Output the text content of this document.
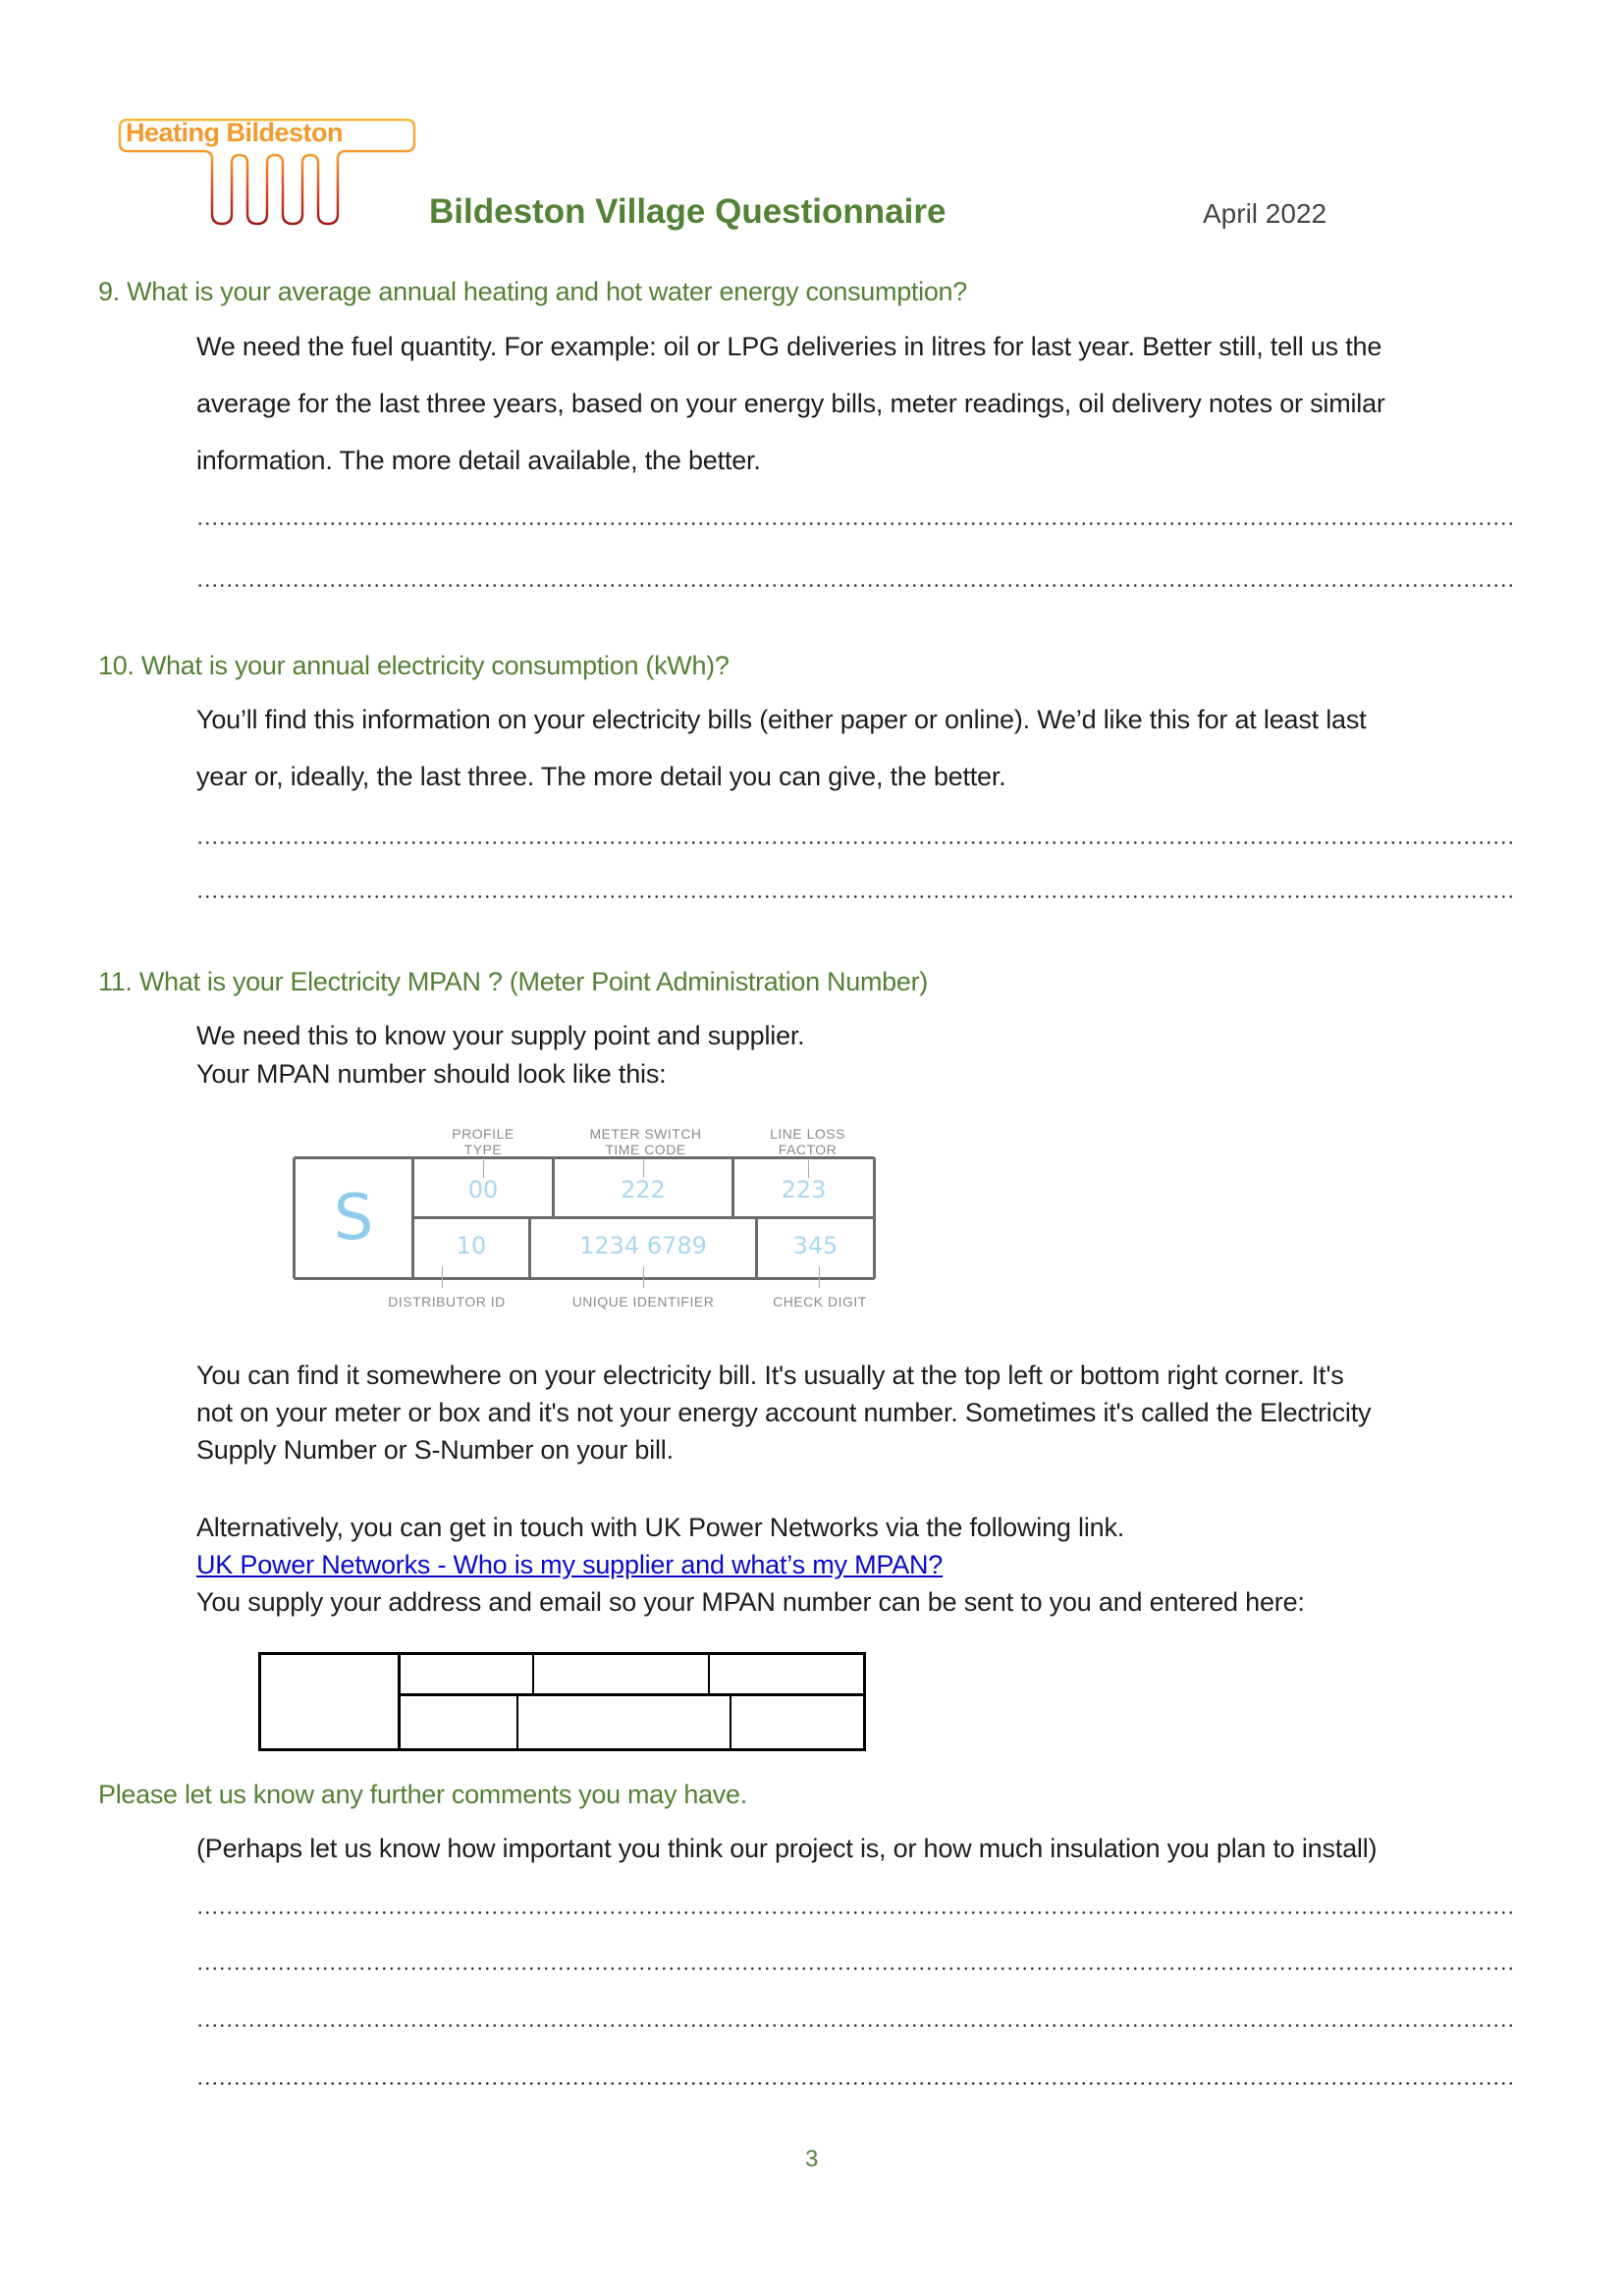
Heating Bildeston
Bildeston Village Questionnaire	April 2022
9. What is your average annual heating and hot water energy consumption?
We need the fuel quantity. For example: oil or LPG deliveries in litres for last year. Better still, tell us the
average for the last three years, based on your energy bills, meter readings, oil delivery notes or similar
information. The more detail available, the better.
10. What is your annual electricity consumption (kWh)?
You’ll find this information on your electricity bills (either paper or online). We’d like this for at least last
year or, ideally, the last three. The more detail you can give, the better.
11. What is your Electricity MPAN ? (Meter Point Administration Number)
We need this to know your supply point and supplier.
Your MPAN number should look like this:
PROFILE
TYPE
METER SWITCH
TIME CODE
LINE LOSS
FACTOR
S	00	222	223
10	1234 6789	345
DISTRIBUTOR ID	UNIQUE IDENTIFIER	CHECK DIGIT
You can find it somewhere on your electricity bill. It's usually at the top left or bottom right corner. It's
not on your meter or box and it's not your energy account number. Sometimes it's called the Electricity
Supply Number or S-Number on your bill.
Alternatively, you can get in touch with UK Power Networks via the following link.
UK Power Networks - Who is my supplier and what’s my MPAN?
You supply your address and email so your MPAN number can be sent to you and entered here:
Please let us know any further comments you may have.
(Perhaps let us know how important you think our project is, or how much insulation you plan to install)
3
